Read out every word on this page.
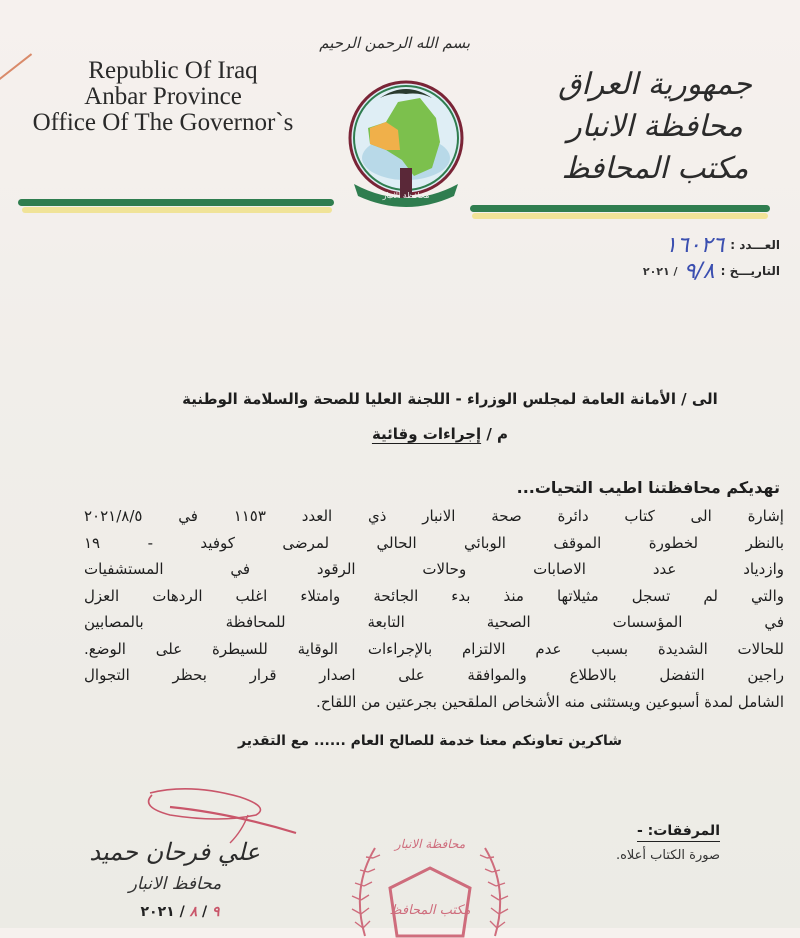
Republic Of Iraq
Anbar Province
Office Of The Governor`s
جمهورية العراق
محافظة الانبار
مكتب المحافظ
بسم الله الرحمن الرحيم
محافظة الانبار
العـــدد :
١٦٠٢٦
التاريـــخ :
٩/٨
/ ٢٠٢١
الى / الأمانة العامة لمجلس الوزراء - اللجنة العليا للصحة والسلامة الوطنية
م / إجراءات وقائية
تهديكم محافظتنا اطيب التحيات...
إشارة الى كتاب دائرة صحة الانبار ذي العدد ١١٥٣ في ٢٠٢١/٨/٥
بالنظر لخطورة الموقف الوبائي الحالي لمرضى كوفيد - ١٩
وازدياد عدد الاصابات وحالات الرقود في المستشفيات
والتي لم تسجل مثيلاتها منذ بدء الجائحة وامتلاء اغلب الردهات العزل
في المؤسسات الصحية التابعة للمحافظة بالمصابين
للحالات الشديدة بسبب عدم الالتزام بالإجراءات الوقاية للسيطرة على الوضع.
راجين التفضل بالاطلاع والموافقة على اصدار قرار بحظر التجوال
الشامل لمدة أسبوعين ويستثنى منه الأشخاص الملقحين بجرعتين من اللقاح.
شاكرين تعاونكم معنا خدمة للصالح العام ...... مع التقدير
المرفقات: -
صورة الكتاب أعلاه.
علي فرحان حميد
محافظ الانبار
٩ / ٨ / ٢٠٢١
محافظة الانبار
مكتب المحافظ
